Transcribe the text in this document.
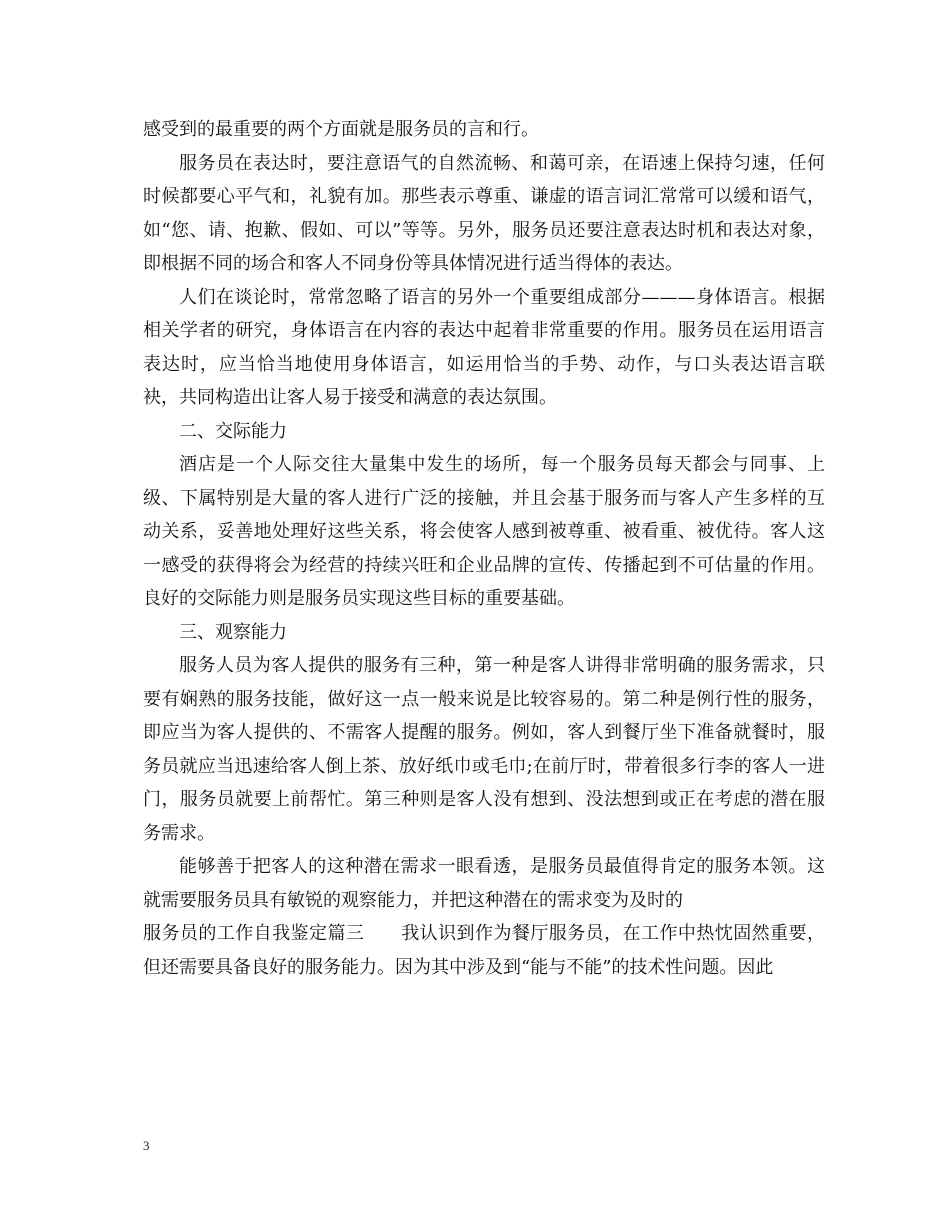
感受到的最重要的两个方面就是服务员的言和行。

服务员在表达时，要注意语气的自然流畅、和蔼可亲，在语速上保持匀速，任何时候都要心平气和，礼貌有加。那些表示尊重、谦虚的语言词汇常常可以缓和语气，如“您、请、抱歉、假如、可以”等等。另外，服务员还要注意表达时机和表达对象，即根据不同的场合和客人不同身份等具体情况进行适当得体的表达。

人们在谈论时，常常忽略了语言的另外一个重要组成部分———身体语言。根据相关学者的研究，身体语言在内容的表达中起着非常重要的作用。服务员在运用语言表达时，应当恰当地使用身体语言，如运用恰当的手势、动作，与口头表达语言联袂，共同构造出让客人易于接受和满意的表达氛围。

二、交际能力

酒店是一个人际交往大量集中发生的场所，每一个服务员每天都会与同事、上级、下属特别是大量的客人进行广泛的接触，并且会基于服务而与客人产生多样的互动关系，妥善地处理好这些关系，将会使客人感到被尊重、被看重、被优待。客人这一感受的获得将会为经营的持续兴旺和企业品牌的宣传、传播起到不可估量的作用。良好的交际能力则是服务员实现这些目标的重要基础。

三、观察能力

服务人员为客人提供的服务有三种，第一种是客人讲得非常明确的服务需求，只要有娴熟的服务技能，做好这一点一般来说是比较容易的。第二种是例行性的服务，即应当为客人提供的、不需客人提醒的服务。例如，客人到餐厅坐下准备就餐时，服务员就应当迅速给客人倒上茶、放好纸巾或毛巾;在前厅时，带着很多行李的客人一进门，服务员就要上前帮忙。第三种则是客人没有想到、没法想到或正在考虑的潜在服务需求。

能够善于把客人的这种潜在需求一眼看透，是服务员最值得肯定的服务本领。这就需要服务员具有敏锐的观察能力，并把这种潜在的需求变为及时的

服务员的工作自我鉴定篇三　　我认识到作为餐厅服务员，在工作中热忱固然重要，但还需要具备良好的服务能力。因为其中涉及到“能与不能”的技术性问题。因此

3
